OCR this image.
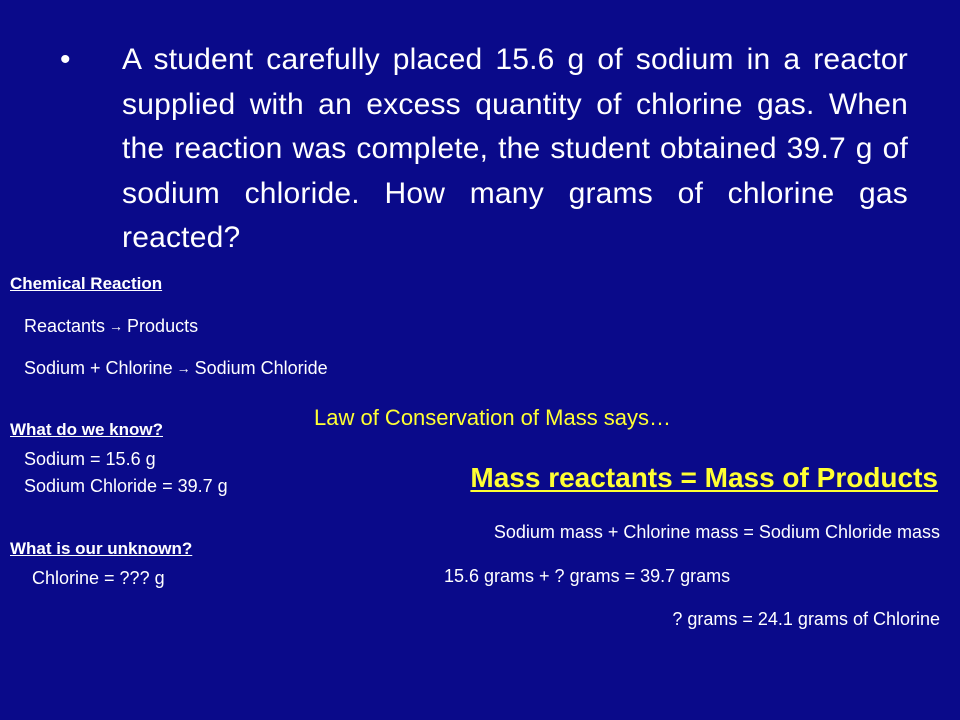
• A student carefully placed 15.6 g of sodium in a reactor supplied with an excess quantity of chlorine gas. When the reaction was complete, the student obtained 39.7 g of sodium chloride. How many grams of chlorine gas reacted?
Chemical Reaction
Reactants → Products
Sodium + Chlorine → Sodium Chloride
What do we know?
Sodium = 15.6 g
Sodium Chloride = 39.7 g
What is our unknown?
Chlorine = ??? g
Law of Conservation of Mass says…
Mass reactants = Mass of Products
Sodium mass + Chlorine mass = Sodium Chloride mass
15.6 grams + ? grams = 39.7 grams
? grams = 24.1 grams of Chlorine
